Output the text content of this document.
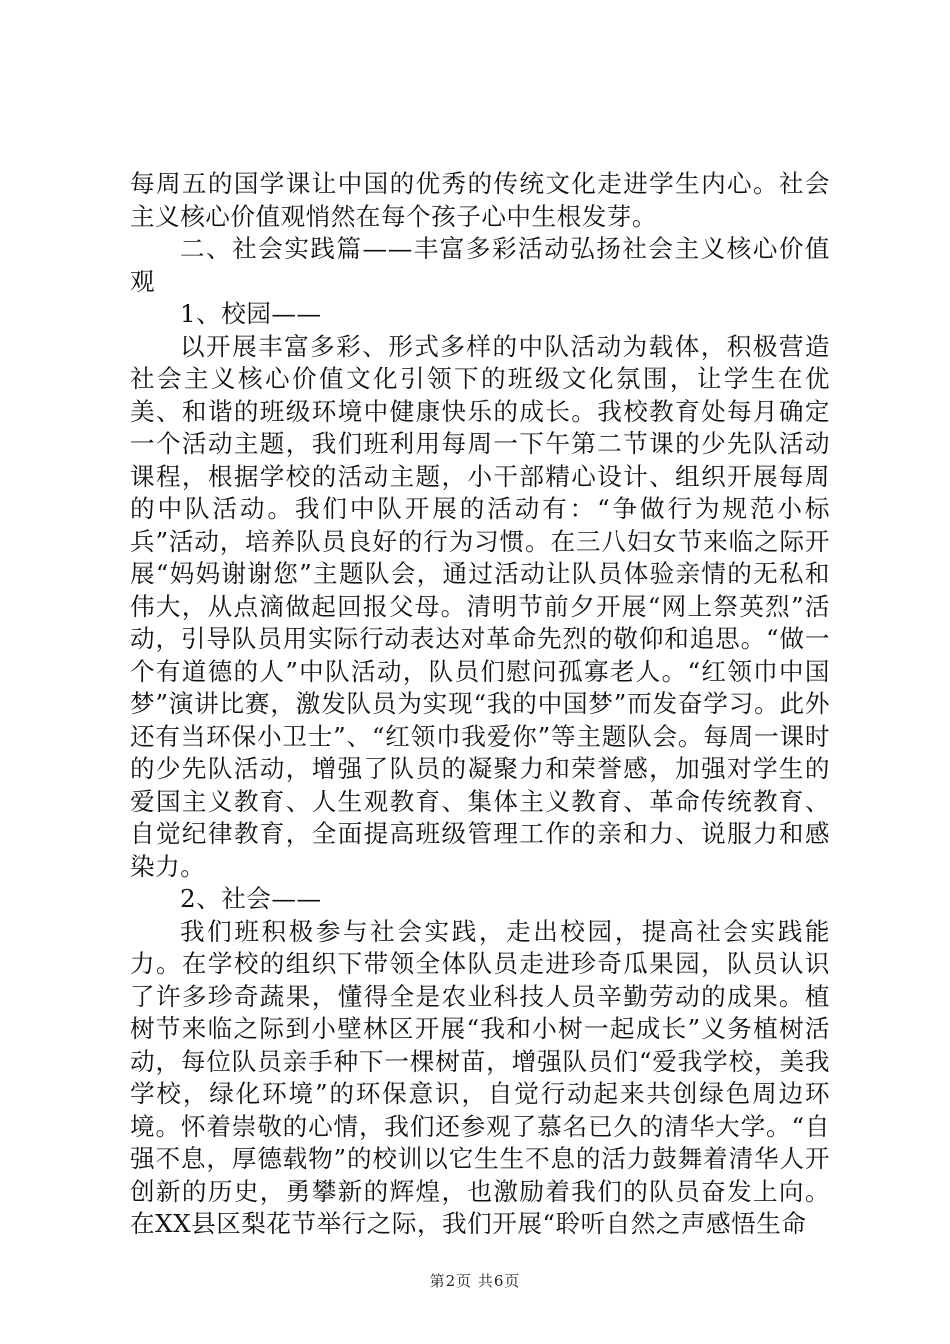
每周五的国学课让中国的优秀的传统文化走进学生内心。社会主义核心价值观悄然在每个孩子心中生根发芽。

二、社会实践篇——丰富多彩活动弘扬社会主义核心价值观

1、校园——

以开展丰富多彩、形式多样的中队活动为载体，积极营造社会主义核心价值文化引领下的班级文化氛围，让学生在优美、和谐的班级环境中健康快乐的成长。我校教育处每月确定一个活动主题，我们班利用每周一下午第二节课的少先队活动课程，根据学校的活动主题，小干部精心设计、组织开展每周的中队活动。我们中队开展的活动有：“争做行为规范小标兵”活动，培养队员良好的行为习惯。在三八妇女节来临之际开展“妈妈谢谢您”主题队会，通过活动让队员体验亲情的无私和伟大，从点滴做起回报父母。清明节前夕开展“网上祭英烈”活动，引导队员用实际行动表达对革命先烈的敬仰和追思。“做一个有道德的人”中队活动，队员们慰问孤寡老人。“红领巾中国梦”演讲比赛，激发队员为实现“我的中国梦”而发奋学习。此外还有当环保小卫士”、“红领巾我爱你”等主题队会。每周一课时的少先队活动，增强了队员的凝聚力和荣誉感，加强对学生的爱国主义教育、人生观教育、集体主义教育、革命传统教育、自觉纪律教育，全面提高班级管理工作的亲和力、说服力和感染力。

2、社会——

我们班积极参与社会实践，走出校园，提高社会实践能力。在学校的组织下带领全体队员走进珍奇瓜果园，队员认识了许多珍奇蔬果，懂得全是农业科技人员辛勤劳动的成果。植树节来临之际到小壁林区开展“我和小树一起成长”义务植树活动，每位队员亲手种下一棵树苗，增强队员们“爱我学校，美我学校，绿化环境”的环保意识，自觉行动起来共创绿色周边环境。怀着崇敬的心情，我们还参观了慕名已久的清华大学。“自强不息，厚德载物”的校训以它生生不息的活力鼓舞着清华人开创新的历史，勇攀新的辉煌，也激励着我们的队员奋发上向。在XX县区梨花节举行之际，我们开展“聆听自然之声感悟生命

第2页 共6页
